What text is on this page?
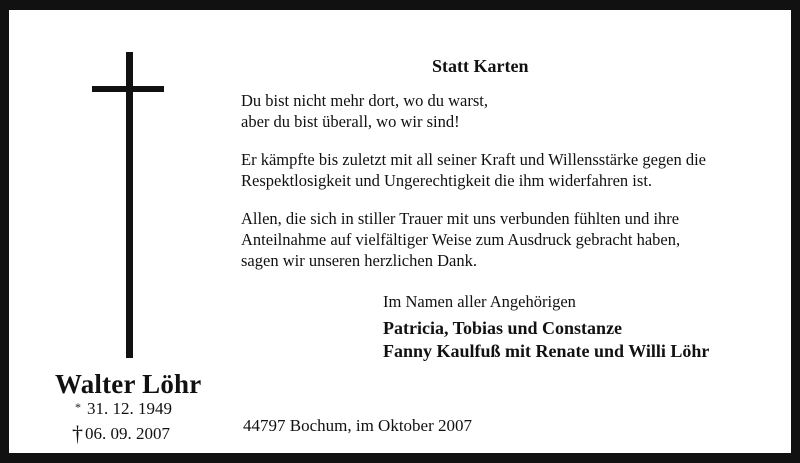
Walter Löhr
* 31. 12. 1949
† 06. 09. 2007
Statt Karten
Du bist nicht mehr dort, wo du warst,
aber du bist überall, wo wir sind!
Er kämpfte bis zuletzt mit all seiner Kraft und Willensstärke gegen die
Respektlosigkeit und Ungerechtigkeit die ihm widerfahren ist.
Allen, die sich in stiller Trauer mit uns verbunden fühlten und ihre
Anteilnahme auf vielfältiger Weise zum Ausdruck gebracht haben,
sagen wir unseren herzlichen Dank.
Im Namen aller Angehörigen
Patricia, Tobias und Constanze
Fanny Kaulfuß mit Renate und Willi Löhr
44797 Bochum, im Oktober 2007
